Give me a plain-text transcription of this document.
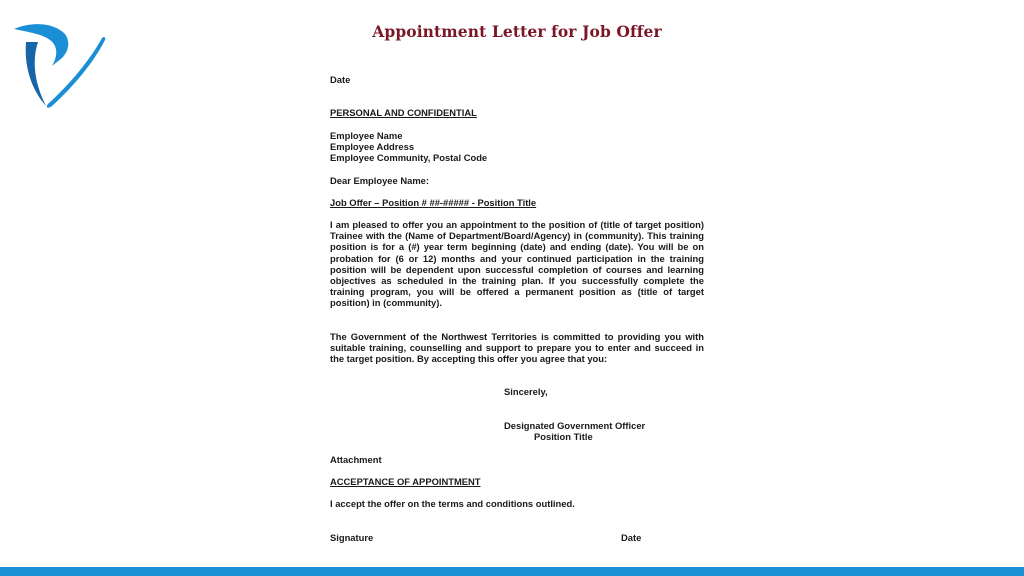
Appointment Letter for Job Offer

Date

PERSONAL AND CONFIDENTIAL

Employee Name

Employee Address

Employee Community, Postal Code

Dear Employee Name:

Job Offer – Position # ##-##### - Position Title

I am pleased to offer you an appointment to the position of (title of target position) Trainee with the (Name of Department/Board/Agency) in (community). This training position is for a (#) year term beginning (date) and ending (date). You will be on probation for (6 or 12) months and your continued participation in the training position will be dependent upon successful completion of courses and learning objectives as scheduled in the training plan. If you successfully complete the training program, you will be offered a permanent position as (title of target position) in (community).

The Government of the Northwest Territories is committed to providing you with suitable training, counselling and support to prepare you to enter and succeed in the target position. By accepting this offer you agree that you:

Sincerely,

Designated Government Officer

Position Title

Attachment

ACCEPTANCE OF APPOINTMENT

I accept the offer on the terms and conditions outlined.

Signature	Date
